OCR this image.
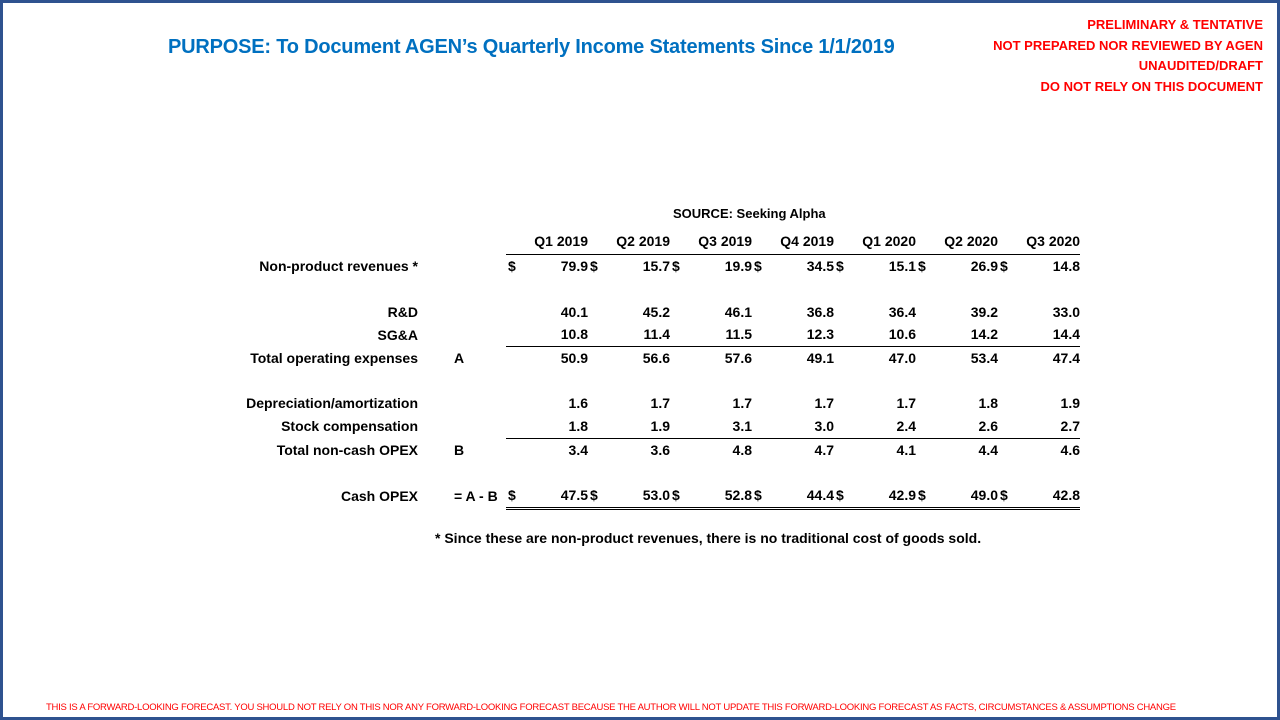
PURPOSE: To Document AGEN’s Quarterly Income Statements Since 1/1/2019
PRELIMINARY & TENTATIVE
NOT PREPARED NOR REVIEWED BY AGEN
UNAUDITED/DRAFT
DO NOT RELY ON THIS DOCUMENT
SOURCE: Seeking Alpha
		Q1 2019		Q2 2019		Q3 2019		Q4 2019		Q1 2020		Q2 2020		Q3 2020	
Non-product revenues *		$	79.9	$	15.7	$	19.9	$	34.5	$	15.1	$	26.9	$	14.8

R&D			40.1		45.2		46.1		36.8		36.4		39.2		33.0
SG&A			10.8		11.4		11.5		12.3		10.6		14.2		14.4
Total operating expenses	A		50.9		56.6		57.6		49.1		47.0		53.4		47.4

Depreciation/amortization			1.6		1.7		1.7		1.7		1.7		1.8		1.9
Stock compensation			1.8		1.9		3.1		3.0		2.4		2.6		2.7
Total non-cash OPEX	B		3.4		3.6		4.8		4.7		4.1		4.4		4.6

Cash OPEX	= A - B	$	47.5	$	53.0	$	52.8	$	44.4	$	42.9	$	49.0	$	42.8
* Since these are non-product revenues, there is no traditional cost of goods sold.
THIS IS A FORWARD-LOOKING FORECAST. YOU SHOULD NOT RELY ON THIS NOR ANY FORWARD-LOOKING FORECAST BECAUSE THE AUTHOR WILL NOT UPDATE THIS FORWARD-LOOKING FORECAST AS FACTS, CIRCUMSTANCES & ASSUMPTIONS CHANGE
